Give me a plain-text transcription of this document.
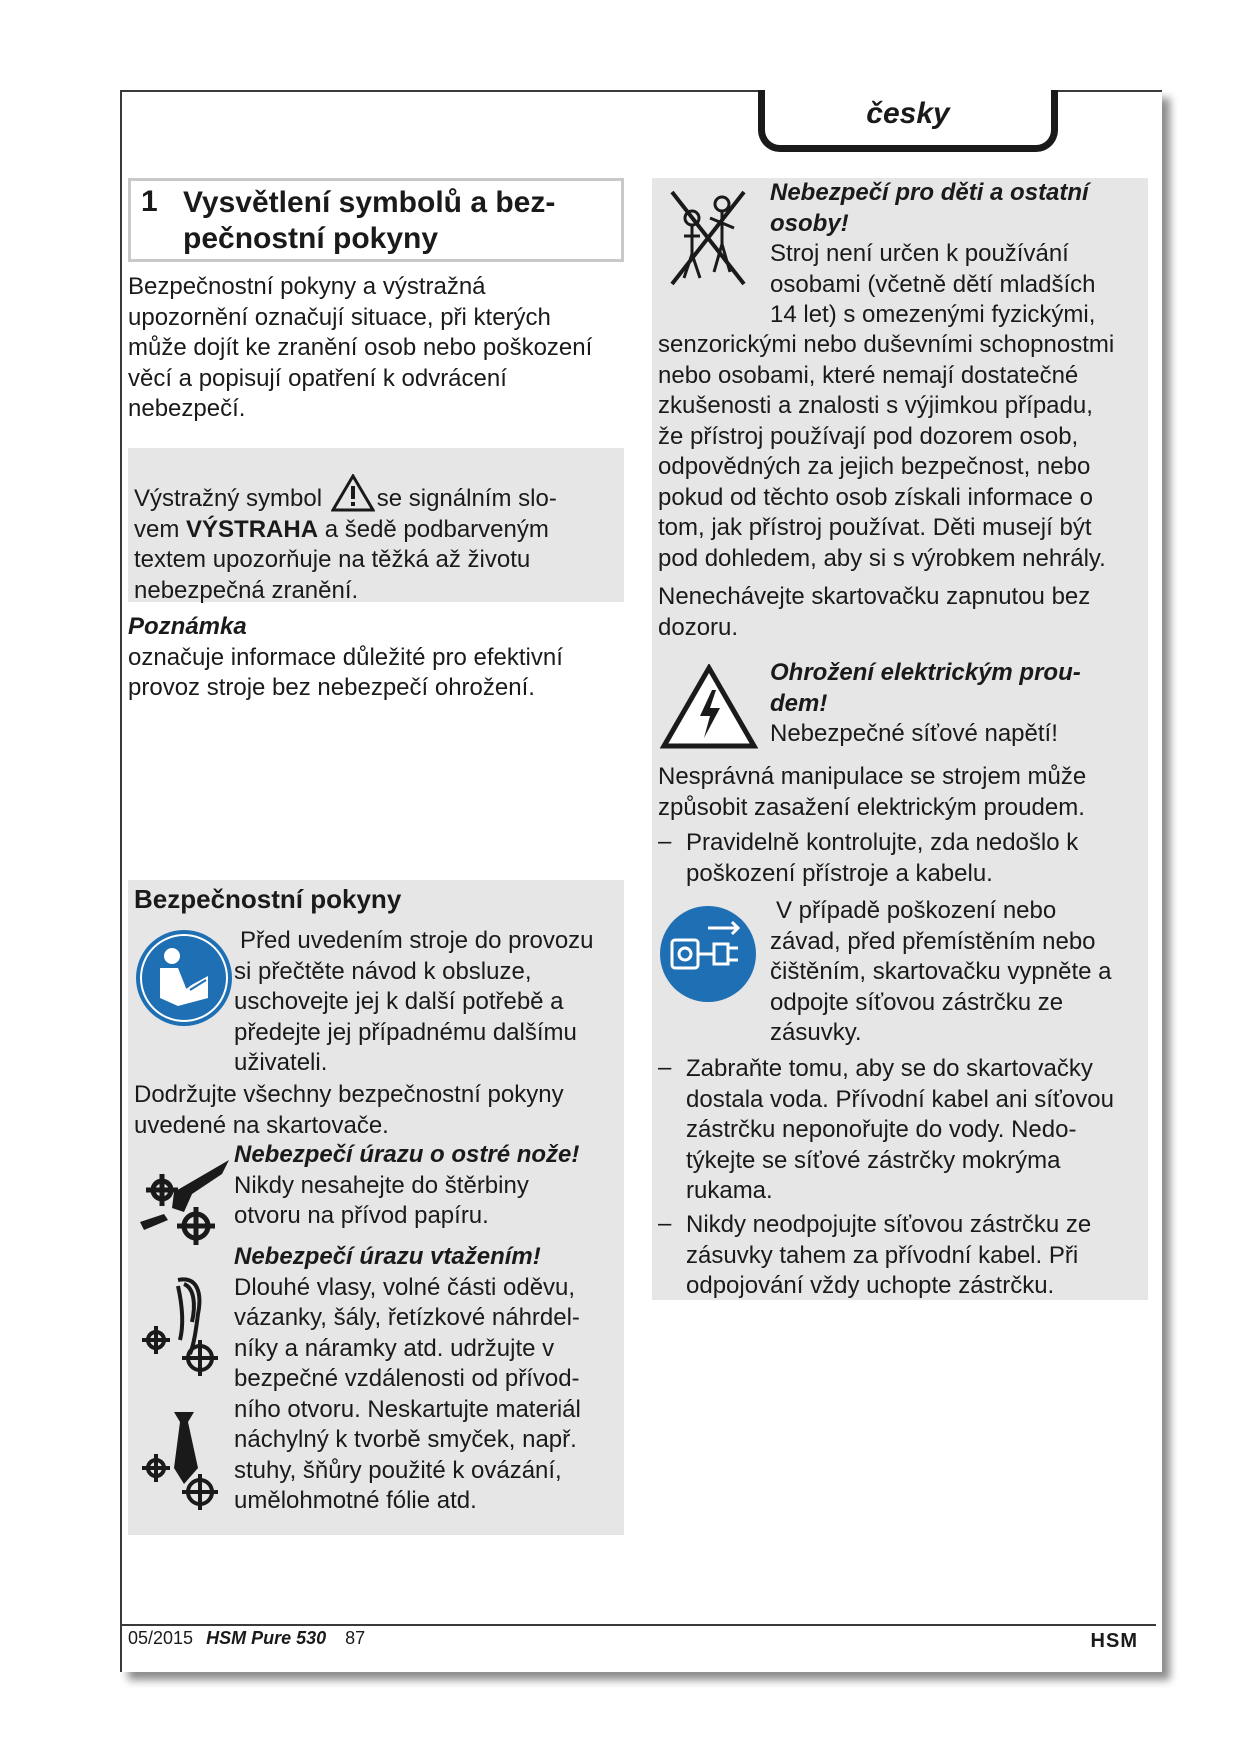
česky
1 Vysvětlení symbolů a bez-
pečnostní pokyny

Bezpečnostní pokyny a výstražná

upozornění označují situace, při kterých

může dojít ke zranění osob nebo poškození

věcí a popisují opatření k odvrácení

nebezpečí.

Výstražný symbol se signálním slo-

vem VÝSTRAHA a šedě podbarveným

textem upozorňuje na těžká až životu

nebezpečná zranění.

Poznámka

označuje informace důležité pro efektivní

provoz stroje bez nebezpečí ohrožení.

Bezpečnostní pokyny

Před uvedením stroje do provozu

si přečtěte návod k obsluze,

uschovejte jej k další potřebě a

předejte jej případnému dalšímu

uživateli.

Dodržujte všechny bezpečnostní pokyny

uvedené na skartovače.

Nebezpečí úrazu o ostré nože!

Nikdy nesahejte do štěrbiny

otvoru na přívod papíru.

Nebezpečí úrazu vtažením!

Dlouhé vlasy, volné části oděvu,

vázanky, šály, řetízkové náhrdel-

níky a náramky atd. udržujte v

bezpečné vzdálenosti od přívod-

ního otvoru. Neskartujte materiál

náchylný k tvorbě smyček, např.

stuhy, šňůry použité k ovázání,

umělohmotné fólie atd.

Nebezpečí pro děti a ostatní

osoby!

Stroj není určen k používání

osobami (včetně dětí mladších

14 let) s omezenými fyzickými,

senzorickými nebo duševními schopnostmi

nebo osobami, které nemají dostatečné

zkušenosti a znalosti s výjimkou případu,

že přístroj používají pod dozorem osob,

odpovědných za jejich bezpečnost, nebo

pokud od těchto osob získali informace o

tom, jak přístroj používat. Děti musejí být

pod dohledem, aby si s výrobkem nehrály.

Nenechávejte skartovačku zapnutou bez

dozoru.

Ohrožení elektrickým prou-

dem!

Nebezpečné síťové napětí!

Nesprávná manipulace se strojem může

způsobit zasažení elektrickým proudem.

– Pravidelně kontrolujte, zda nedošlo k

poškození přístroje a kabelu.

V případě poškození nebo

závad, před přemístěním nebo

čištěním, skartovačku vypněte a

odpojte síťovou zástrčku ze

zásuvky.

– Zabraňte tomu, aby se do skartovačky

dostala voda. Přívodní kabel ani síťovou

zástrčku neponořujte do vody. Nedo-

týkejte se síťové zástrčky mokrýma

rukama.

– Nikdy neodpojujte síťovou zástrčku ze

zásuvky tahem za přívodní kabel. Při

odpojování vždy uchopte zástrčku.

05/2015 HSM Pure 530 87	HSM
